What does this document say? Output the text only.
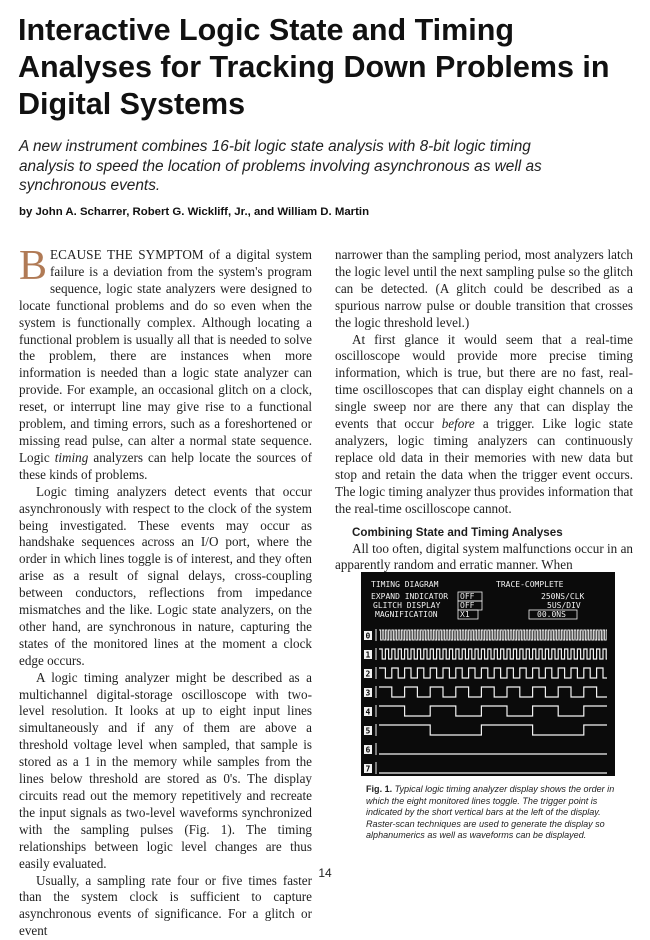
Interactive Logic State and Timing Analyses for Tracking Down Problems in Digital Systems

A new instrument combines 16-bit logic state analysis with 8-bit logic timing analysis to speed the location of problems involving asynchronous as well as synchronous events.

by John A. Scharrer, Robert G. Wickliff, Jr., and William D. Martin

BECAUSE THE SYMPTOM of a digital system failure is a deviation from the system's program sequence, logic state analyzers were designed to locate functional problems and do so even when the system is functionally complex. Although locating a functional problem is usually all that is needed to solve the problem, there are instances when more information is needed than a logic state analyzer can provide. For example, an occasional glitch on a clock, reset, or interrupt line may give rise to a functional problem, and timing errors, such as a foreshortened or missing read pulse, can alter a normal state sequence. Logic timing analyzers can help locate the sources of these kinds of problems.

Logic timing analyzers detect events that occur asynchronously with respect to the clock of the system being investigated. These events may occur as handshake sequences across an I/O port, where the order in which lines toggle is of interest, and they often arise as a result of signal delays, cross-coupling between conductors, reflections from impedance mismatches and the like. Logic state analyzers, on the other hand, are synchronous in nature, capturing the states of the monitored lines at the moment a clock edge occurs.

A logic timing analyzer might be described as a multichannel digital-storage oscilloscope with two-level resolution. It looks at up to eight input lines simultaneously and if any of them are above a threshold voltage level when sampled, that sample is stored as a 1 in the memory while samples from the lines below threshold are stored as 0's. The display circuits read out the memory repetitively and recreate the input signals as two-level waveforms synchronized with the sampling pulses (Fig. 1). The timing relationships between logic level changes are thus easily evaluated.

Usually, a sampling rate four or five times faster than the system clock is sufficient to capture asynchronous events of significance. For a glitch or event

narrower than the sampling period, most analyzers latch the logic level until the next sampling pulse so the glitch can be detected. (A glitch could be described as a spurious narrow pulse or double transition that crosses the logic threshold level.)

At first glance it would seem that a real-time oscilloscope would provide more precise timing information, which is true, but there are no fast, real-time oscilloscopes that can display eight channels on a single sweep nor are there any that can display the events that occur before a trigger. Like logic state analyzers, logic timing analyzers can continuously replace old data in their memories with new data but stop and retain the data when the trigger event occurs. The logic timing analyzer thus provides information that the real-time oscilloscope cannot.

Combining State and Timing Analyses

All too often, digital system malfunctions occur in an apparently random and erratic manner. When

TIMING DIAGRAM	TRACE-COMPLETE
EXPAND INDICATOR OFF
GLITCH DISPLAY OFF
MAGNIFICATION	X1
250NS/CLK
5US/DIV
00.0NS
0
1
2
3
4
5
6
7

Fig. 1. Typical logic timing analyzer display shows the order in which the eight monitored lines toggle. The trigger point is indicated by the short vertical bars at the left of the display. Raster-scan techniques are used to generate the display so alphanumerics as well as waveforms can be displayed.

14
